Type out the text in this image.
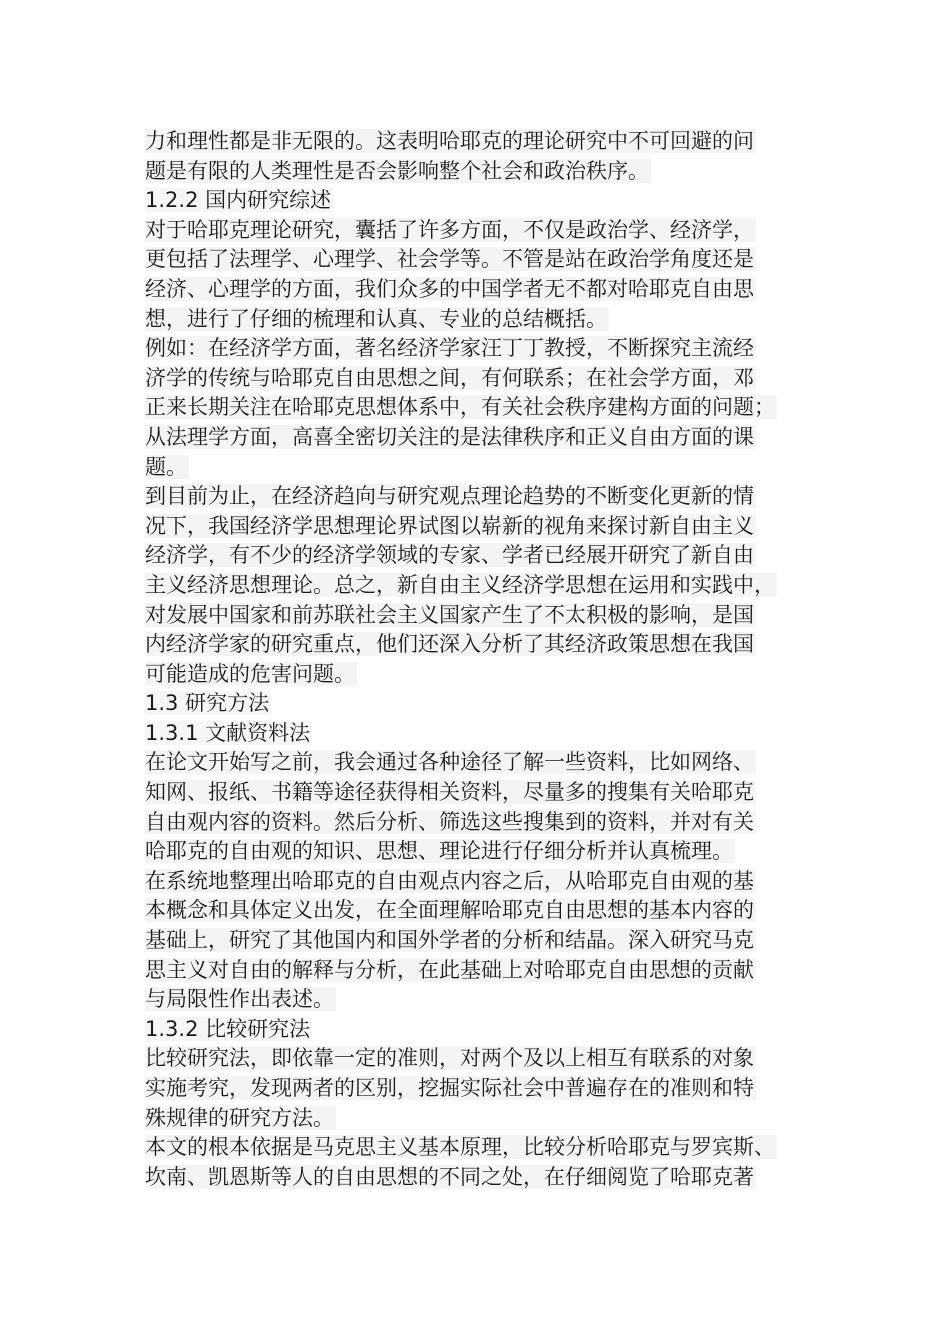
力和理性都是非无限的。这表明哈耶克的理论研究中不可回避的问
题是有限的人类理性是否会影响整个社会和政治秩序。
1.2.2 国内研究综述
对于哈耶克理论研究，囊括了许多方面，不仅是政治学、经济学，
更包括了法理学、心理学、社会学等。不管是站在政治学角度还是
经济、心理学的方面，我们众多的中国学者无不都对哈耶克自由思
想，进行了仔细的梳理和认真、专业的总结概括。
例如：在经济学方面，著名经济学家汪丁丁教授，不断探究主流经
济学的传统与哈耶克自由思想之间，有何联系；在社会学方面，邓
正来长期关注在哈耶克思想体系中，有关社会秩序建构方面的问题；
从法理学方面，高喜全密切关注的是法律秩序和正义自由方面的课
题。
到目前为止，在经济趋向与研究观点理论趋势的不断变化更新的情
况下，我国经济学思想理论界试图以崭新的视角来探讨新自由主义
经济学，有不少的经济学领域的专家、学者已经展开研究了新自由
主义经济思想理论。总之，新自由主义经济学思想在运用和实践中，
对发展中国家和前苏联社会主义国家产生了不太积极的影响，是国
内经济学家的研究重点，他们还深入分析了其经济政策思想在我国
可能造成的危害问题。
1.3 研究方法
1.3.1 文献资料法
在论文开始写之前，我会通过各种途径了解一些资料，比如网络、
知网、报纸、书籍等途径获得相关资料，尽量多的搜集有关哈耶克
自由观内容的资料。然后分析、筛选这些搜集到的资料，并对有关
哈耶克的自由观的知识、思想、理论进行仔细分析并认真梳理。
在系统地整理出哈耶克的自由观点内容之后，从哈耶克自由观的基
本概念和具体定义出发，在全面理解哈耶克自由思想的基本内容的
基础上，研究了其他国内和国外学者的分析和结晶。深入研究马克
思主义对自由的解释与分析，在此基础上对哈耶克自由思想的贡献
与局限性作出表述。
1.3.2 比较研究法
比较研究法，即依靠一定的准则，对两个及以上相互有联系的对象
实施考究，发现两者的区别，挖掘实际社会中普遍存在的准则和特
殊规律的研究方法。
本文的根本依据是马克思主义基本原理，比较分析哈耶克与罗宾斯、
坎南、凯恩斯等人的自由思想的不同之处，在仔细阅览了哈耶克著
